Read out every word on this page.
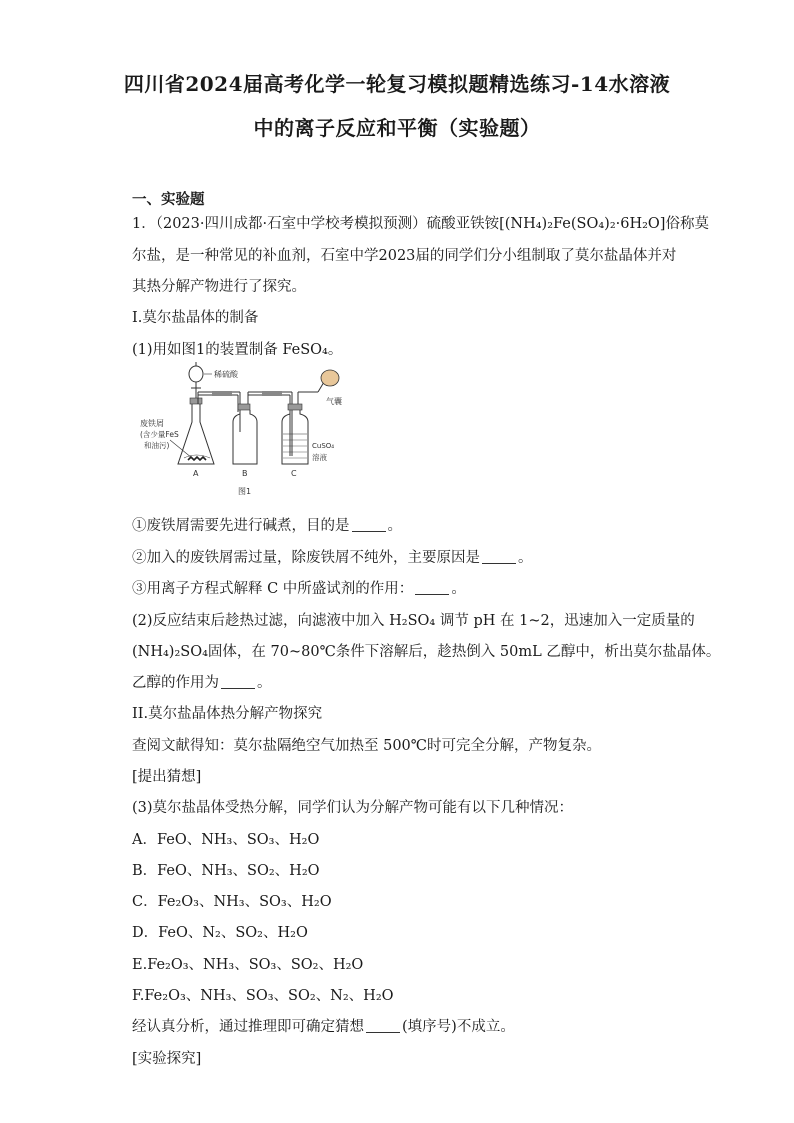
四川省2024届高考化学一轮复习模拟题精选练习-14水溶液
中的离子反应和平衡（实验题）
一、实验题
1．（2023·四川成都·石室中学校考模拟预测）硫酸亚铁铵[(NH₄)₂Fe(SO₄)₂·6H₂O]俗称莫
尔盐，是一种常见的补血剂，石室中学2023届的同学们分小组制取了莫尔盐晶体并对
其热分解产物进行了探究。
I.莫尔盐晶体的制备
(1)用如图1的装置制备 FeSO₄。
稀硫酸
废铁屑
(含少量FeS
和油污)
气囊
CuSO₄
溶液
A	B	C
图1
①废铁屑需要先进行碱煮，目的是	。
②加入的废铁屑需过量，除废铁屑不纯外，主要原因是	。
③用离子方程式解释 C 中所盛试剂的作用：	。
(2)反应结束后趁热过滤，向滤液中加入 H₂SO₄ 调节 pH 在 1~2，迅速加入一定质量的
(NH₄)₂SO₄固体，在 70~80℃条件下溶解后，趁热倒入 50mL 乙醇中，析出莫尔盐晶体。
乙醇的作用为	。
II.莫尔盐晶体热分解产物探究
查阅文献得知：莫尔盐隔绝空气加热至 500℃时可完全分解，产物复杂。
[提出猜想]
(3)莫尔盐晶体受热分解，同学们认为分解产物可能有以下几种情况：
A．FeO、NH₃、SO₃、H₂O
B．FeO、NH₃、SO₂、H₂O
C．Fe₂O₃、NH₃、SO₃、H₂O
D．FeO、N₂、SO₂、H₂O
E.Fe₂O₃、NH₃、SO₃、SO₂、H₂O
F.Fe₂O₃、NH₃、SO₃、SO₂、N₂、H₂O
经认真分析，通过推理即可确定猜想	(填序号)不成立。
[实验探究]
